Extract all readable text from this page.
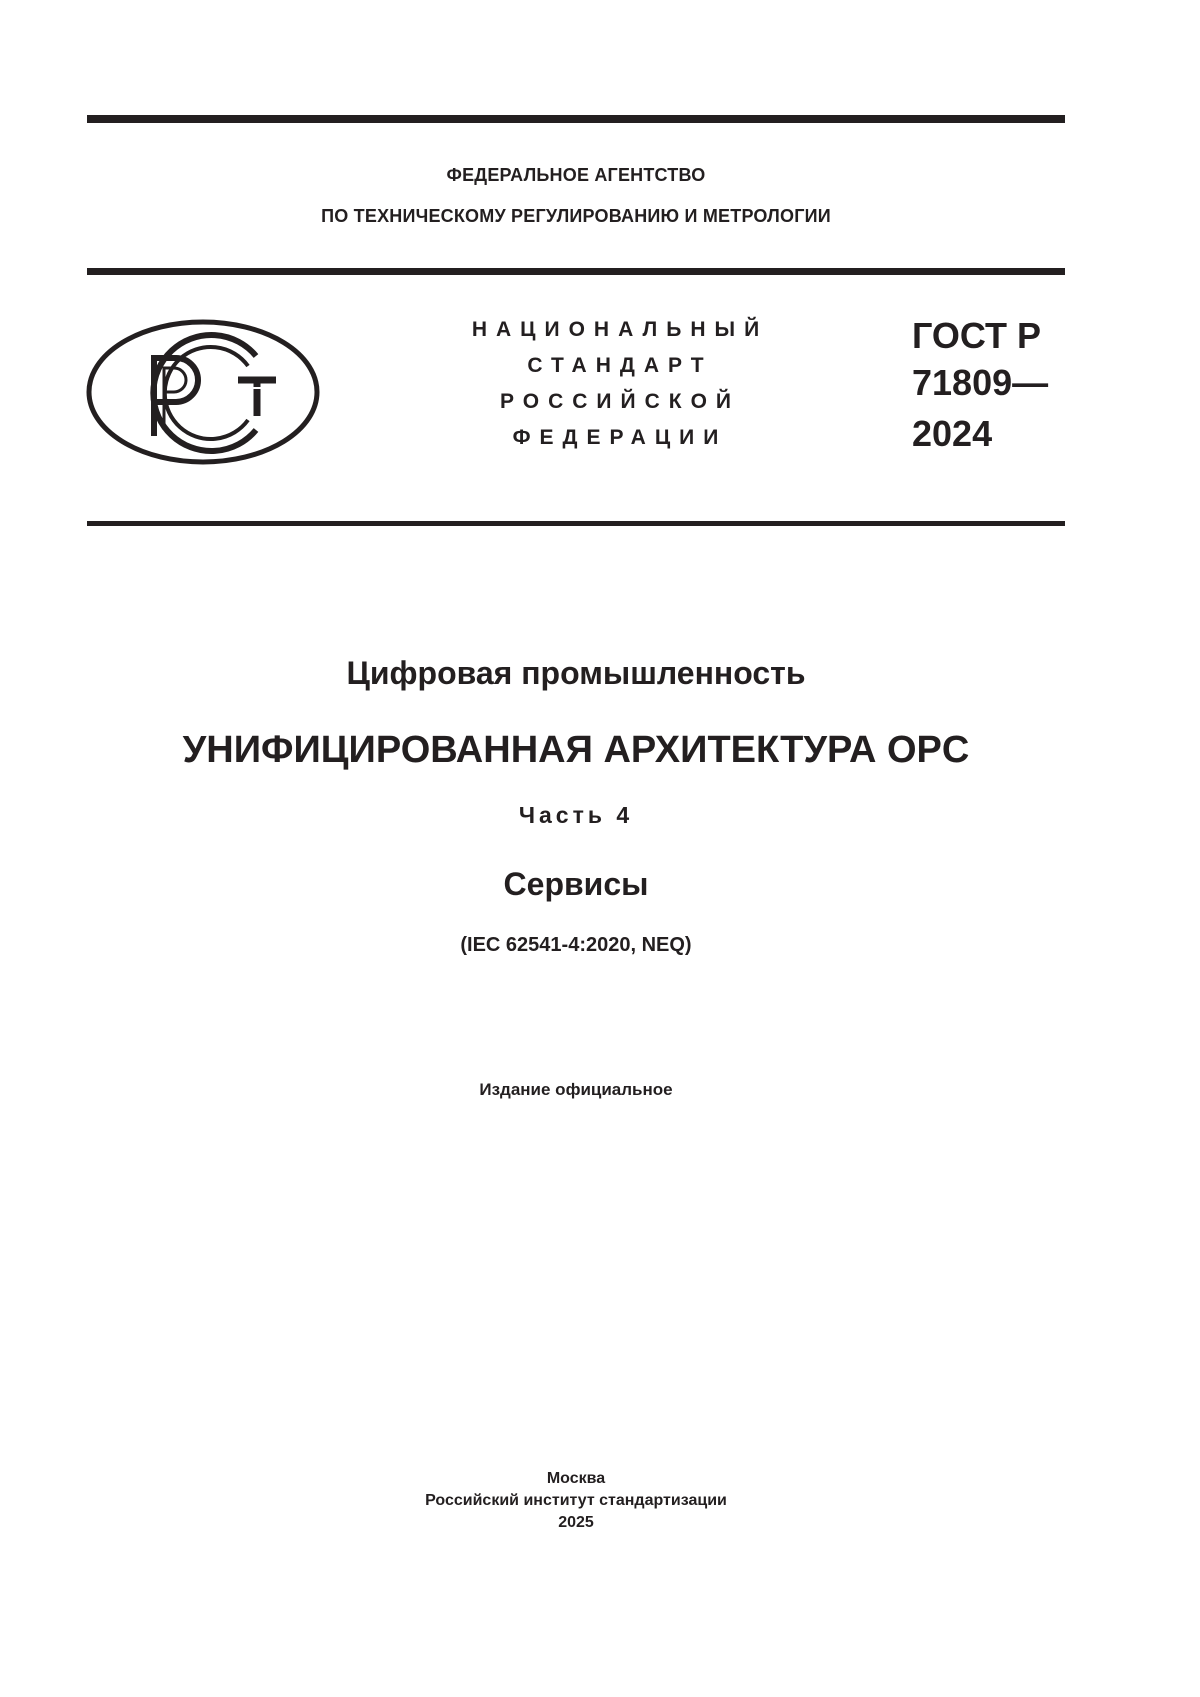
ФЕДЕРАЛЬНОЕ АГЕНТСТВО
ПО ТЕХНИЧЕСКОМУ РЕГУЛИРОВАНИЮ И МЕТРОЛОГИИ
НАЦИОНАЛЬНЫЙ
СТАНДАРТ
РОССИЙСКОЙ
ФЕДЕРАЦИИ
ГОСТ Р
71809—
2024
Цифровая промышленность
УНИФИЦИРОВАННАЯ АРХИТЕКТУРА OPC
Часть 4
Сервисы
(IEC 62541-4:2020, NEQ)
Издание официальное
Москва
Российский институт стандартизации
2025
